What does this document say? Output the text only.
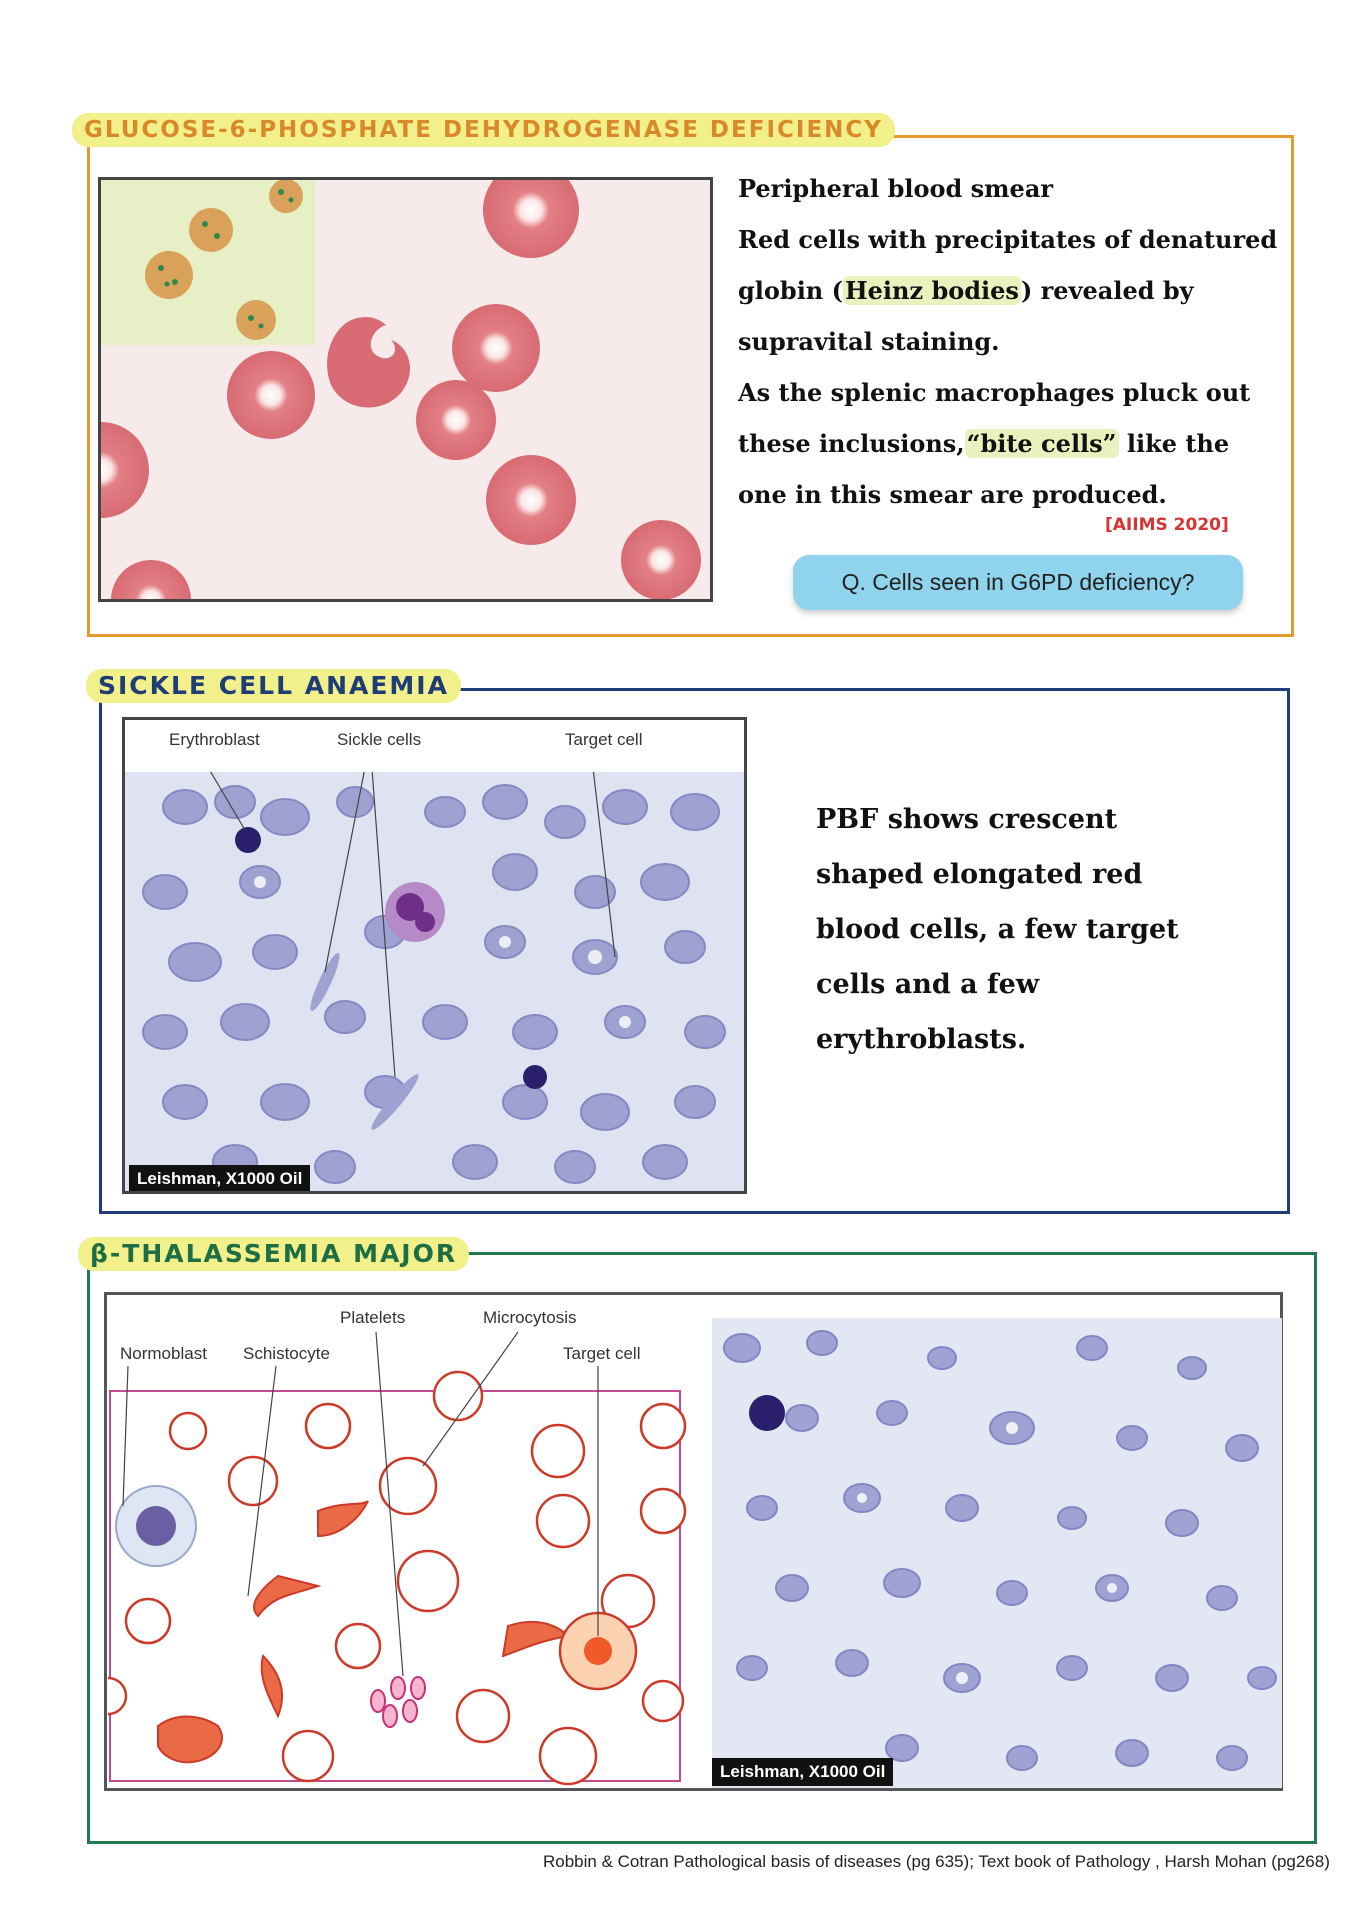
GLUCOSE-6-PHOSPHATE DEHYDROGENASE DEFICIENCY
Peripheral blood smear
Red cells with precipitates of denatured globin (Heinz bodies) revealed by supravital staining.
As the splenic macrophages pluck out these inclusions,“bite cells” like the one in this smear are produced.
[AIIMS 2020]
Q. Cells seen in G6PD deficiency?
SICKLE CELL ANAEMIA
Erythroblast	Sickle cells	Target cell
Leishman, X1000 Oil
PBF shows crescent shaped elongated red blood cells, a few target cells and a few erythroblasts.
β-THALASSEMIA MAJOR
Normoblast Schistocyte
Platelets	Microcytosis
Target cell
Leishman, X1000 Oil
Robbin & Cotran Pathological basis of diseases (pg 635); Text book of Pathology , Harsh Mohan (pg268)
